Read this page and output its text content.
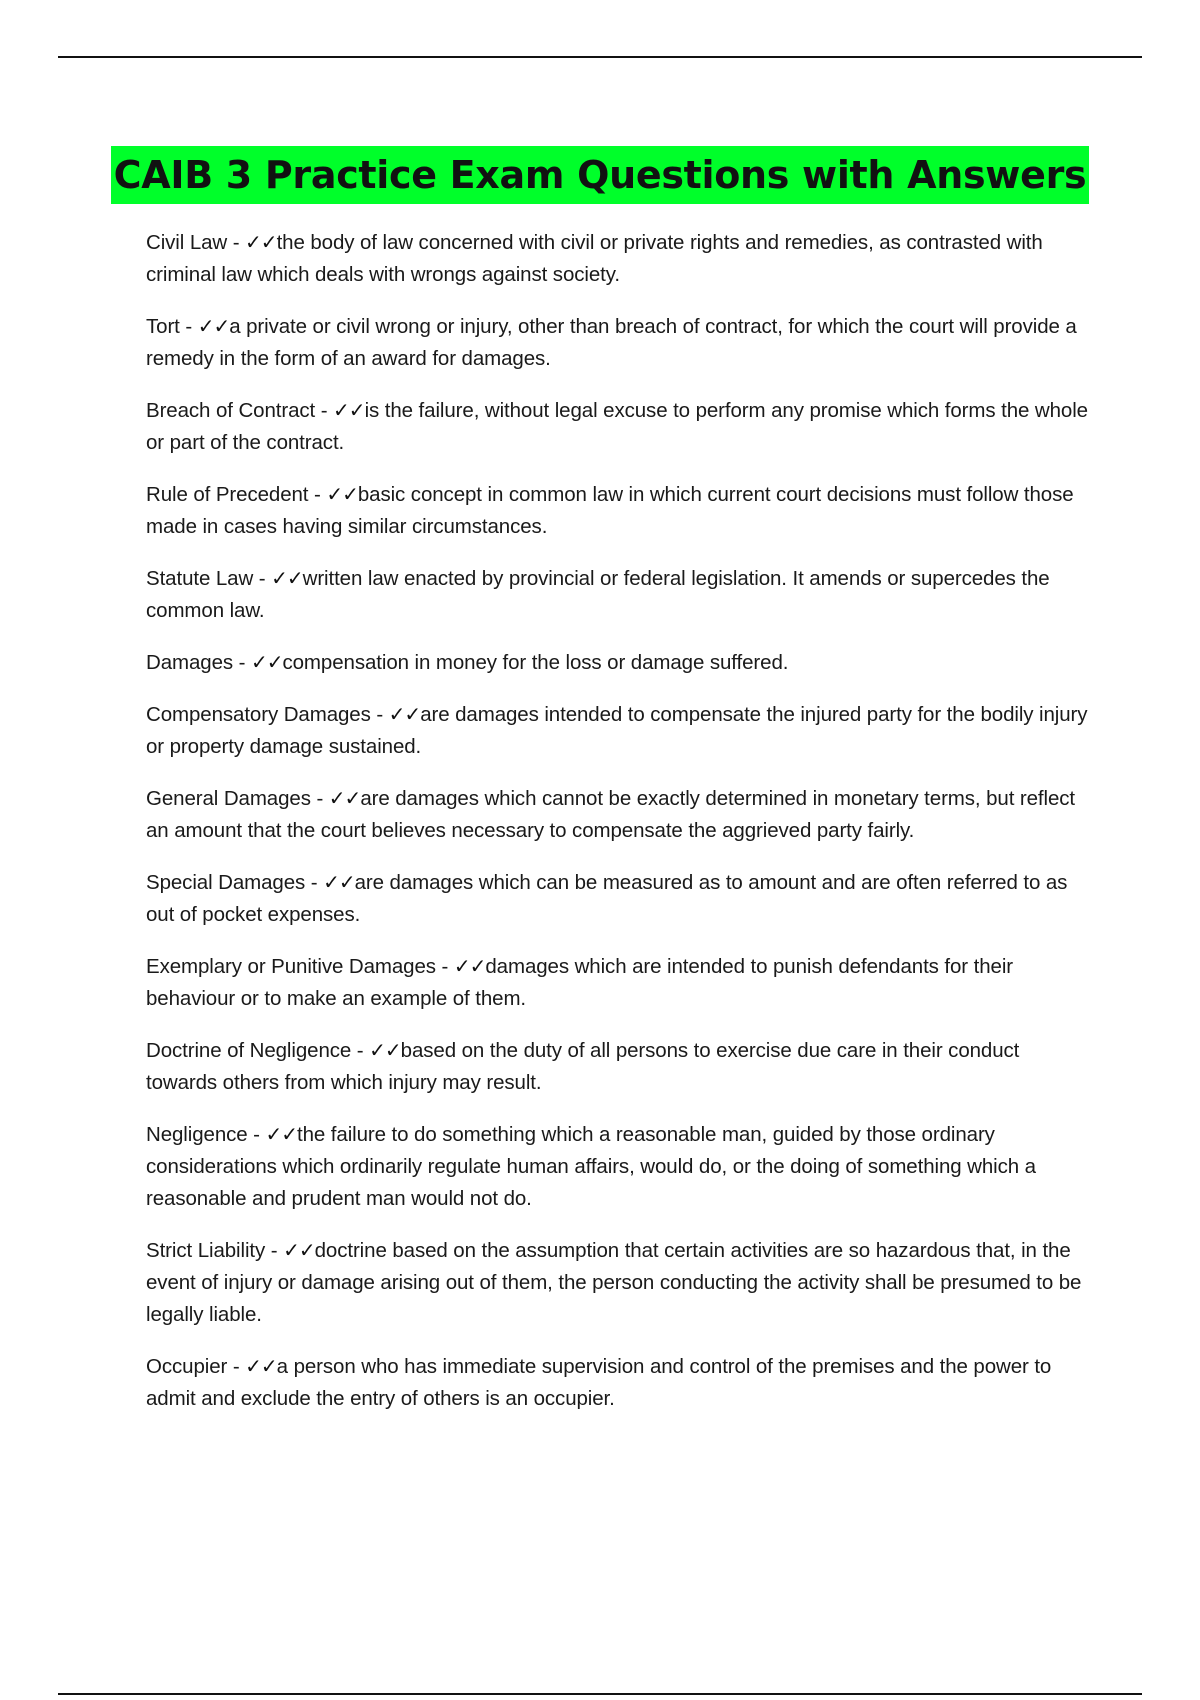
CAIB 3 Practice Exam Questions with Answers

Civil Law - ✓✓the body of law concerned with civil or private rights and remedies, as contrasted with criminal law which deals with wrongs against society.

Tort - ✓✓a private or civil wrong or injury, other than breach of contract, for which the court will provide a remedy in the form of an award for damages.

Breach of Contract - ✓✓is the failure, without legal excuse to perform any promise which forms the whole or part of the contract.

Rule of Precedent - ✓✓basic concept in common law in which current court decisions must follow those made in cases having similar circumstances.

Statute Law - ✓✓written law enacted by provincial or federal legislation. It amends or supercedes the common law.

Damages - ✓✓compensation in money for the loss or damage suffered.

Compensatory Damages - ✓✓are damages intended to compensate the injured party for the bodily injury or property damage sustained.

General Damages - ✓✓are damages which cannot be exactly determined in monetary terms, but reflect an amount that the court believes necessary to compensate the aggrieved party fairly.

Special Damages - ✓✓are damages which can be measured as to amount and are often referred to as out of pocket expenses.

Exemplary or Punitive Damages - ✓✓damages which are intended to punish defendants for their behaviour or to make an example of them.

Doctrine of Negligence - ✓✓based on the duty of all persons to exercise due care in their conduct towards others from which injury may result.

Negligence - ✓✓the failure to do something which a reasonable man, guided by those ordinary considerations which ordinarily regulate human affairs, would do, or the doing of something which a reasonable and prudent man would not do.

Strict Liability - ✓✓doctrine based on the assumption that certain activities are so hazardous that, in the event of injury or damage arising out of them, the person conducting the activity shall be presumed to be legally liable.

Occupier - ✓✓a person who has immediate supervision and control of the premises and the power to admit and exclude the entry of others is an occupier.
